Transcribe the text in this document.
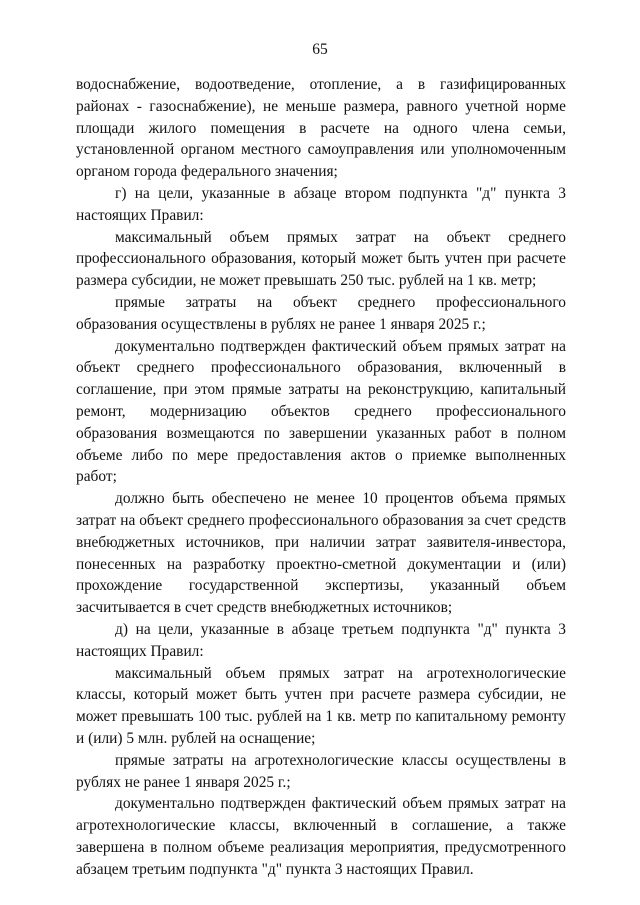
65

водоснабжение, водоотведение, отопление, а в газифицированных районах - газоснабжение), не меньше размера, равного учетной норме площади жилого помещения в расчете на одного члена семьи, установленной органом местного самоуправления или уполномоченным органом города федерального значения;

г) на цели, указанные в абзаце втором подпункта "д" пункта 3 настоящих Правил:

максимальный объем прямых затрат на объект среднего профессионального образования, который может быть учтен при расчете размера субсидии, не может превышать 250 тыс. рублей на 1 кв. метр;

прямые затраты на объект среднего профессионального образования осуществлены в рублях не ранее 1 января 2025 г.;

документально подтвержден фактический объем прямых затрат на объект среднего профессионального образования, включенный в соглашение, при этом прямые затраты на реконструкцию, капитальный ремонт, модернизацию объектов среднего профессионального образования возмещаются по завершении указанных работ в полном объеме либо по мере предоставления актов о приемке выполненных работ;

должно быть обеспечено не менее 10 процентов объема прямых затрат на объект среднего профессионального образования за счет средств внебюджетных источников, при наличии затрат заявителя-инвестора, понесенных на разработку проектно-сметной документации и (или) прохождение государственной экспертизы, указанный объем засчитывается в счет средств внебюджетных источников;

д) на цели, указанные в абзаце третьем подпункта "д" пункта 3 настоящих Правил:

максимальный объем прямых затрат на агротехнологические классы, который может быть учтен при расчете размера субсидии, не может превышать 100 тыс. рублей на 1 кв. метр по капитальному ремонту и (или) 5 млн. рублей на оснащение;

прямые затраты на агротехнологические классы осуществлены в рублях не ранее 1 января 2025 г.;

документально подтвержден фактический объем прямых затрат на агротехнологические классы, включенный в соглашение, а также завершена в полном объеме реализация мероприятия, предусмотренного абзацем третьим подпункта "д" пункта 3 настоящих Правил.
